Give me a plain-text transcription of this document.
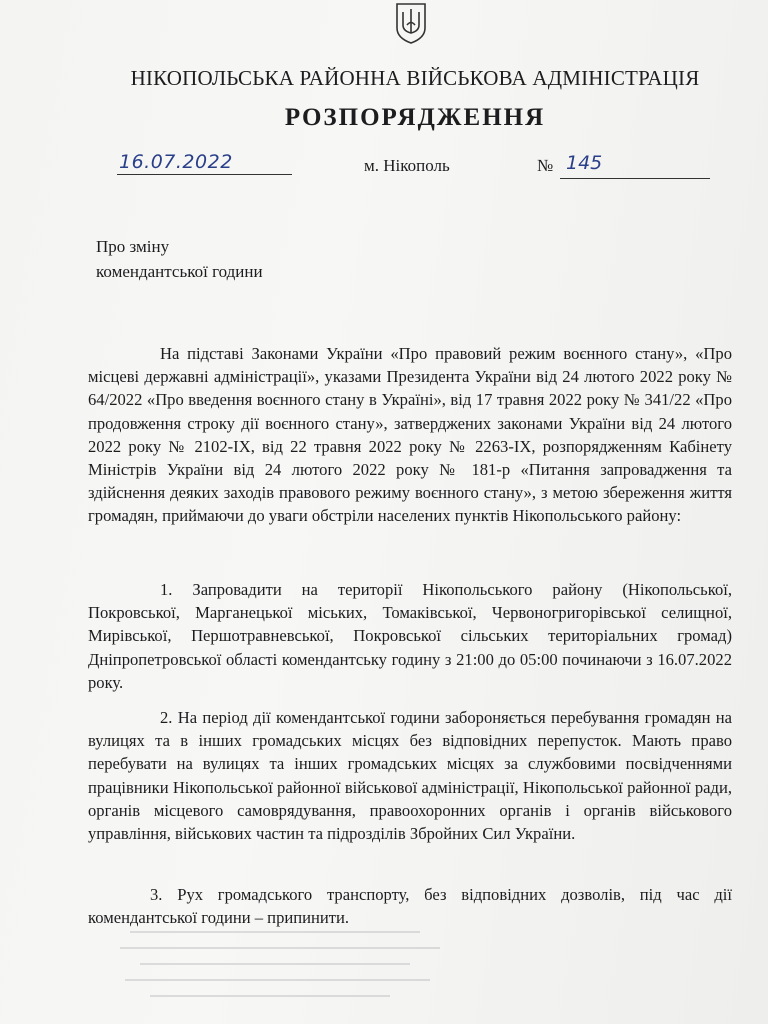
НІКОПОЛЬСЬКА РАЙОННА ВІЙСЬКОВА АДМІНІСТРАЦІЯ
РОЗПОРЯДЖЕННЯ
16.07.2022	м. Нікополь	№ 145
Про зміну
комендантської години
На підставі Законами України «Про правовий режим воєнного стану», «Про місцеві державні адміністрації», указами Президента України від 24 лютого 2022 року № 64/2022 «Про введення воєнного стану в Україні», від 17 травня 2022 року № 341/22 «Про продовження строку дії воєнного стану», затверджених законами України від 24 лютого 2022 року № 2102-IX, від 22 травня 2022 року № 2263-IX, розпорядженням Кабінету Міністрів України від 24 лютого 2022 року № 181-р «Питання запровадження та здійснення деяких заходів правового режиму воєнного стану», з метою збереження життя громадян, приймаючи до уваги обстріли населених пунктів Нікопольського району:
1. Запровадити на території Нікопольського району (Нікопольської, Покровської, Марганецької міських, Томаківської, Червоногригорівської селищної, Мирівської, Першотравневської, Покровської сільських територіальних громад) Дніпропетровської області комендантську годину з 21:00 до 05:00 починаючи з 16.07.2022 року.
2. На період дії комендантської години забороняється перебування громадян на вулицях та в інших громадських місцях без відповідних перепусток. Мають право перебувати на вулицях та інших громадських місцях за службовими посвідченнями працівники Нікопольської районної військової адміністрації, Нікопольської районної ради, органів місцевого самоврядування, правоохоронних органів і органів військового управління, військових частин та підрозділів Збройних Сил України.
3. Рух громадського транспорту, без відповідних дозволів, під час дії комендантської години – припинити.
